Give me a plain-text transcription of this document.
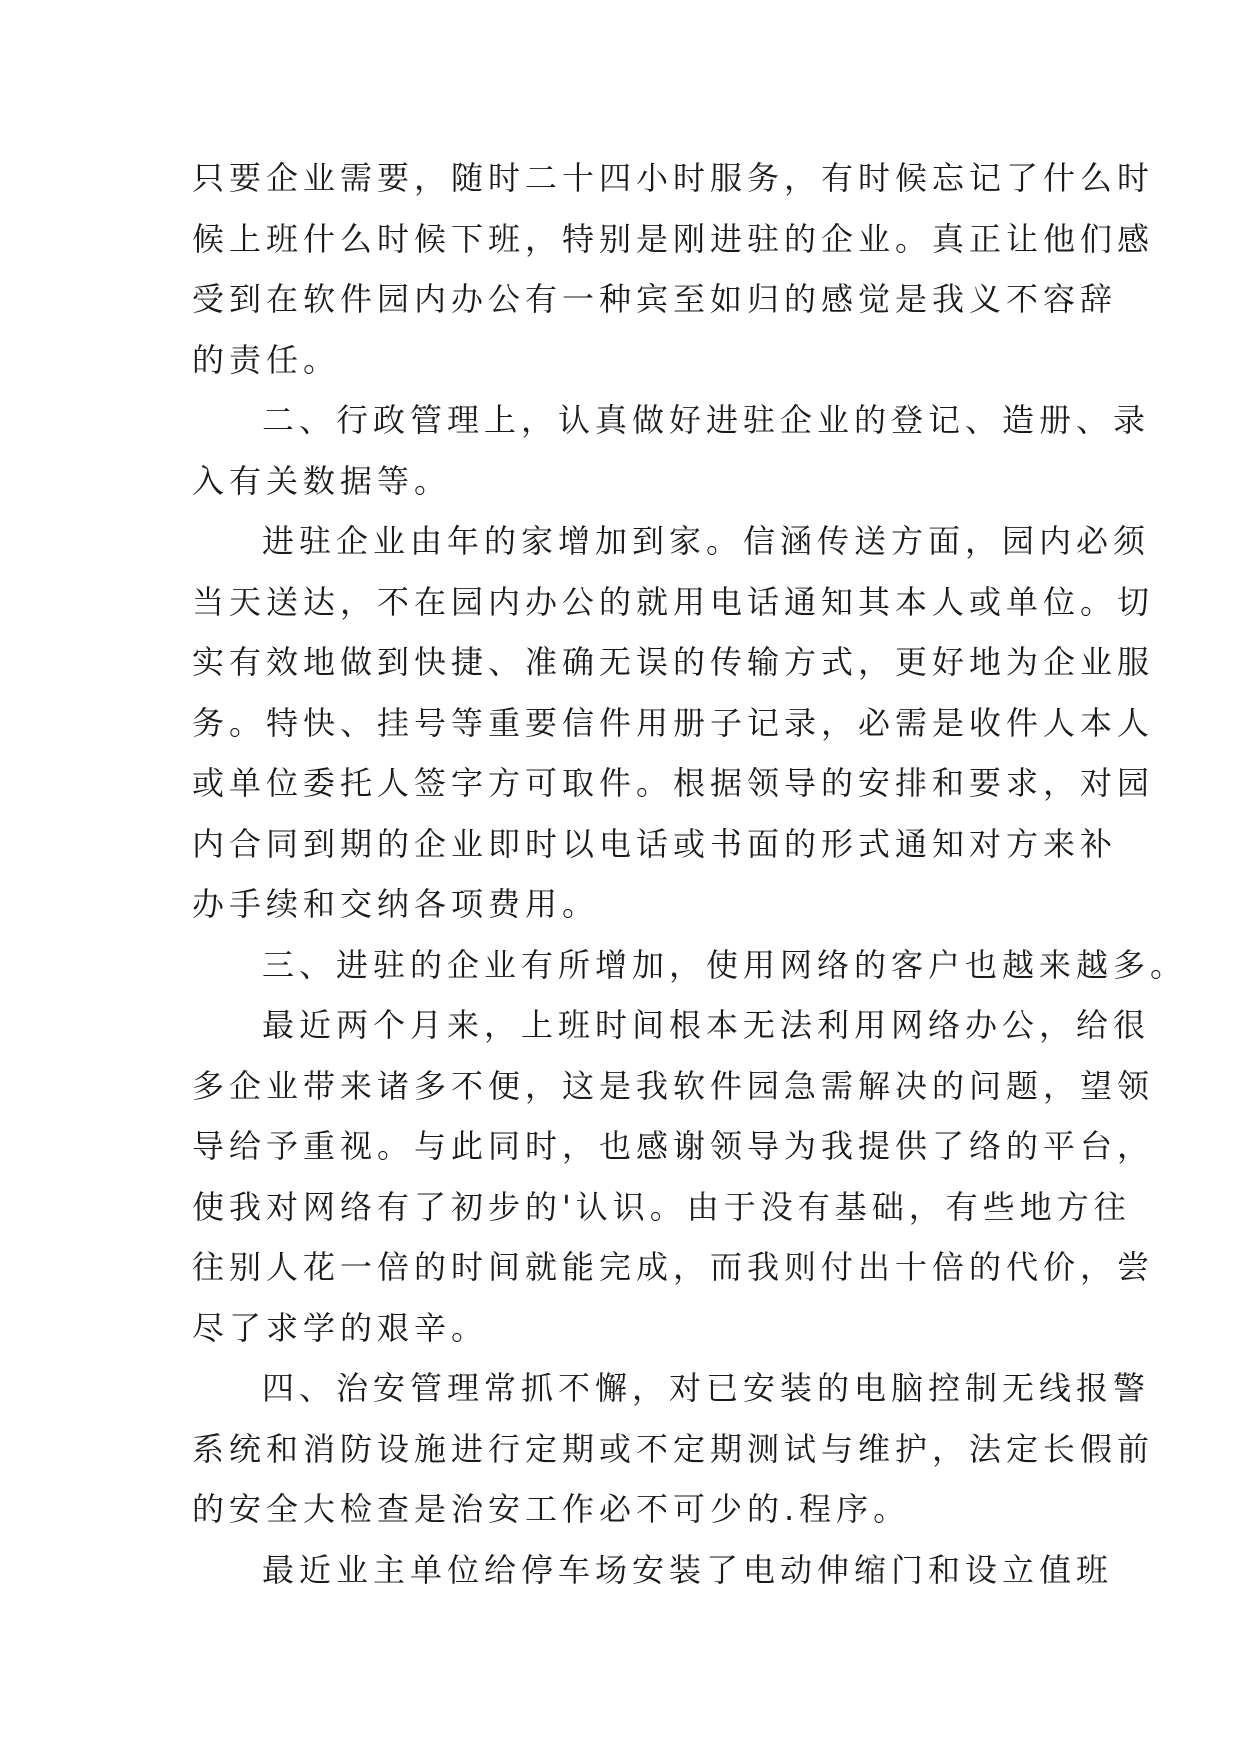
只要企业需要，随时二十四小时服务，有时候忘记了什么时
候上班什么时候下班，特别是刚进驻的企业。真正让他们感
受到在软件园内办公有一种宾至如归的感觉是我义不容辞
的责任。
二、行政管理上，认真做好进驻企业的登记、造册、录
入有关数据等。
进驻企业由年的家增加到家。信涵传送方面，园内必须
当天送达，不在园内办公的就用电话通知其本人或单位。切
实有效地做到快捷、准确无误的传输方式，更好地为企业服
务。特快、挂号等重要信件用册子记录，必需是收件人本人
或单位委托人签字方可取件。根据领导的安排和要求，对园
内合同到期的企业即时以电话或书面的形式通知对方来补
办手续和交纳各项费用。
三、进驻的企业有所增加，使用网络的客户也越来越多。
最近两个月来，上班时间根本无法利用网络办公，给很
多企业带来诸多不便，这是我软件园急需解决的问题，望领
导给予重视。与此同时，也感谢领导为我提供了络的平台，
使我对网络有了初步的'认识。由于没有基础，有些地方往
往别人花一倍的时间就能完成，而我则付出十倍的代价，尝
尽了求学的艰辛。
四、治安管理常抓不懈，对已安装的电脑控制无线报警
系统和消防设施进行定期或不定期测试与维护，法定长假前
的安全大检查是治安工作必不可少的.程序。
最近业主单位给停车场安装了电动伸缩门和设立值班
